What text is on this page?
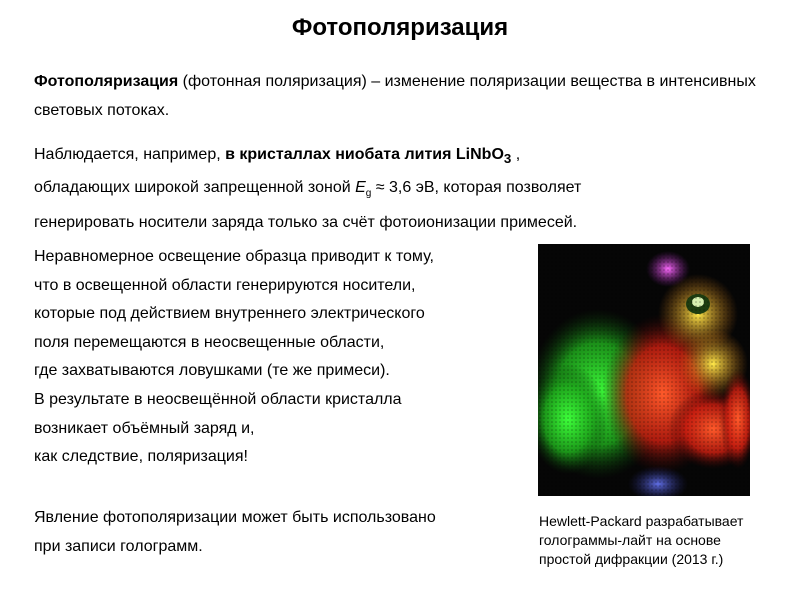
Фотополяризация
Фотополяризация (фотонная поляризация) – изменение поляризации вещества в интенсивных световых потоках.
Наблюдается, например, в кристаллах ниобата лития LiNbO$_3$ ,
обладающих широкой запрещенной зоной $E_g \approx 3,6$ эВ, которая позволяет
генерировать носители заряда только за счёт фотоионизации примесей.
Неравномерное освещение образца приводит к тому,
что в освещенной области генерируются носители,
которые под действием внутреннего электрического
поля перемещаются в неосвещенные области,
где захватываются ловушками (те же примеси).
В результате в неосвещённой области кристалла
возникает объёмный заряд и,
как следствие, поляризация!
Явление фотополяризации может быть использовано
при записи голограмм.
Hewlett-Packard разрабатывает
голограммы-лайт на основе
простой дифракции (2013 г.)
